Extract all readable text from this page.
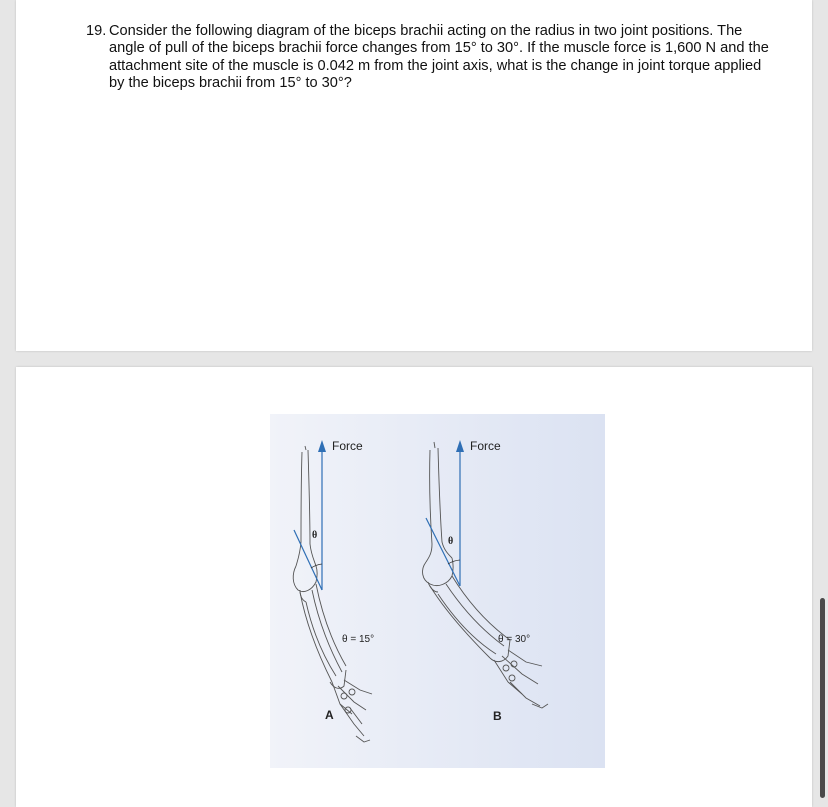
19. Consider the following diagram of the biceps brachii acting on the radius in two joint positions. The angle of pull of the biceps brachii force changes from 15° to 30°. If the muscle force is 1,600 N and the attachment site of the muscle is 0.042 m from the joint axis, what is the change in joint torque applied by the biceps brachii from 15° to 30°?
Force
θ
θ = 15°
A
Force
θ
θ = 30°
B
